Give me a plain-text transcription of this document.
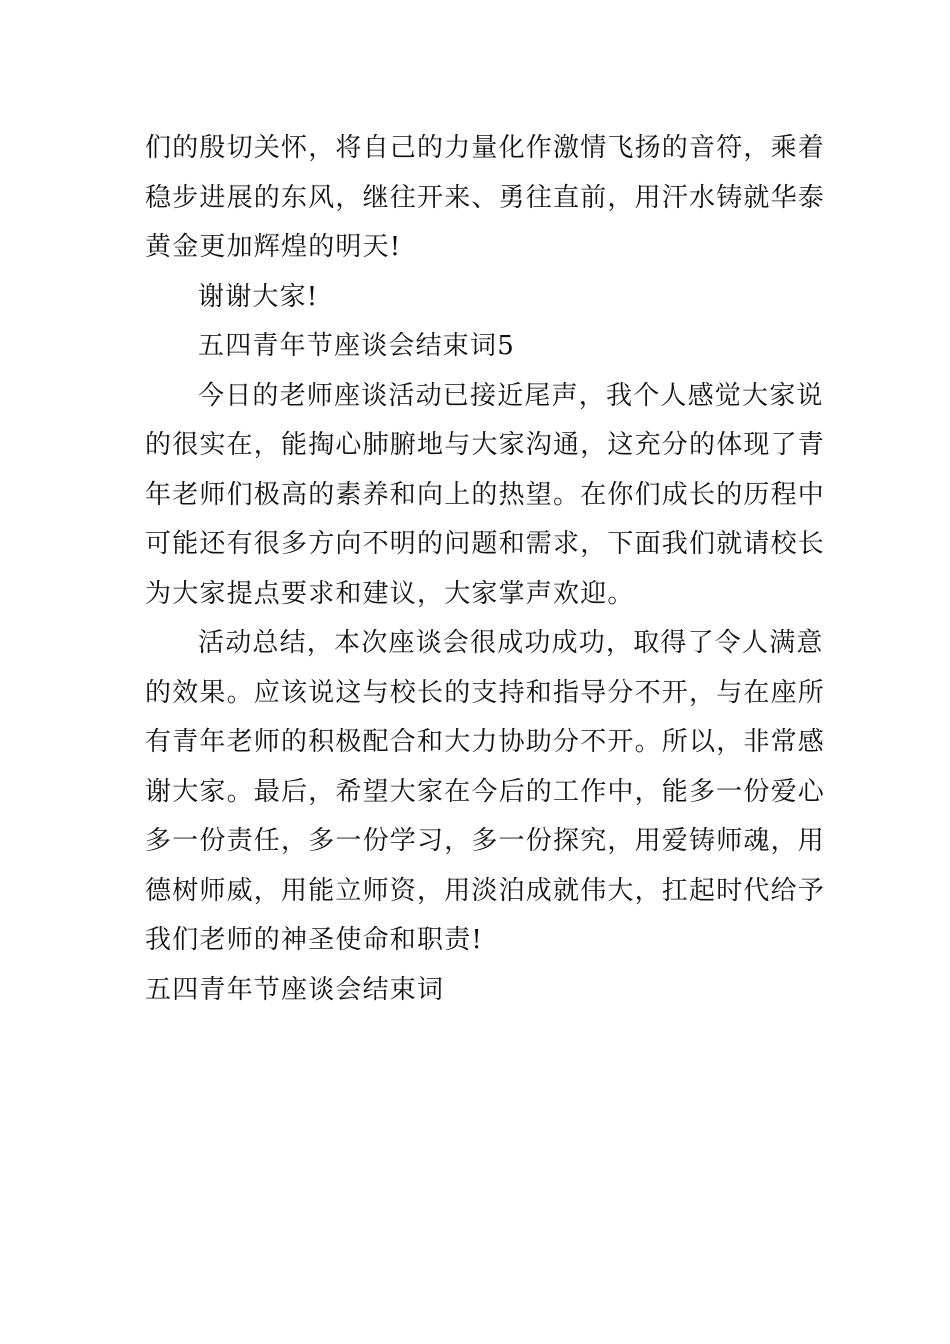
们的殷切关怀，将自己的力量化作激情飞扬的音符，乘着
稳步进展的东风，继往开来、勇往直前，用汗水铸就华泰
黄金更加辉煌的明天!
谢谢大家!
五四青年节座谈会结束词5
今日的老师座谈活动已接近尾声，我个人感觉大家说
的很实在，能掏心肺腑地与大家沟通，这充分的体现了青
年老师们极高的素养和向上的热望。在你们成长的历程中
可能还有很多方向不明的问题和需求，下面我们就请校长
为大家提点要求和建议，大家掌声欢迎。
活动总结，本次座谈会很成功成功，取得了令人满意
的效果。应该说这与校长的支持和指导分不开，与在座所
有青年老师的积极配合和大力协助分不开。所以，非常感
谢大家。最后，希望大家在今后的工作中，能多一份爱心
多一份责任，多一份学习，多一份探究，用爱铸师魂，用
德树师威，用能立师资，用淡泊成就伟大，扛起时代给予
我们老师的神圣使命和职责!
五四青年节座谈会结束词
